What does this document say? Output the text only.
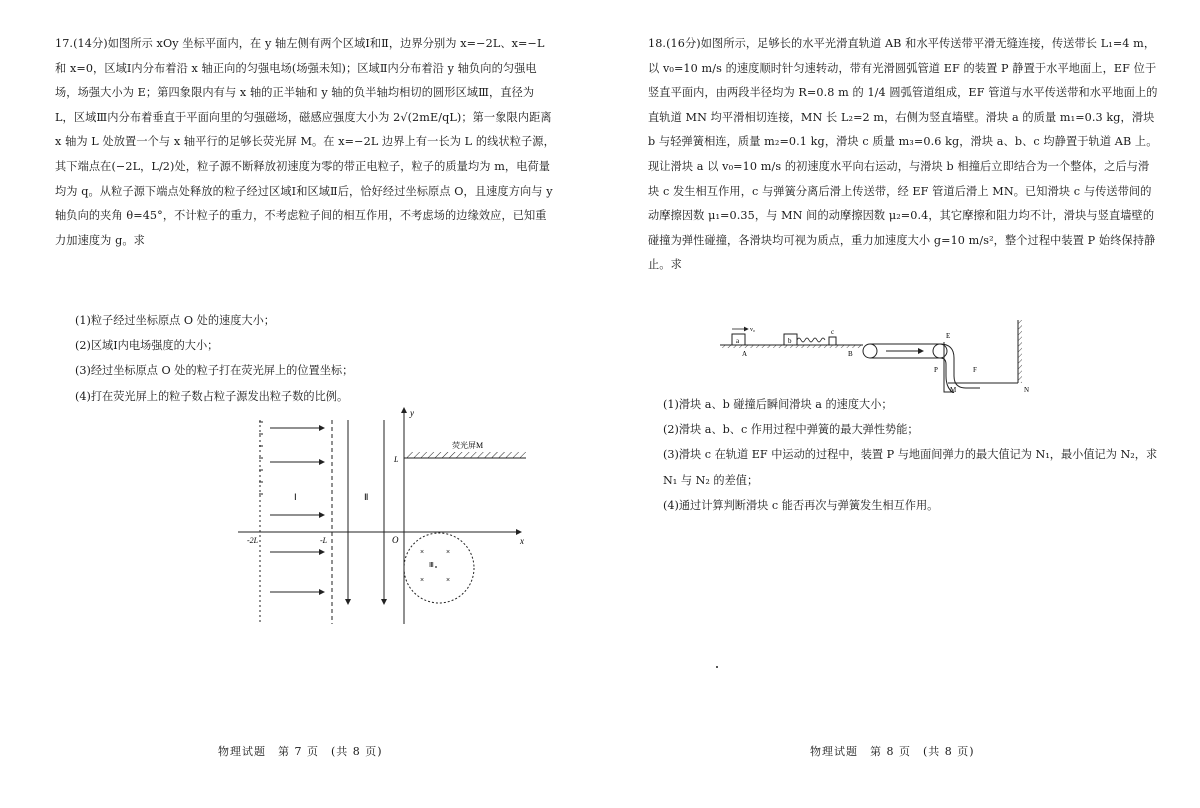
17.(14分)如图所示 xOy 坐标平面内，在 y 轴左侧有两个区域Ⅰ和Ⅱ，边界分别为 x=−2L、x=−L 和 x=0，区域Ⅰ内分布着沿 x 轴正向的匀强电场(场强未知)；区域Ⅱ内分布着沿 y 轴负向的匀强电场，场强大小为 E；第四象限内有与 x 轴的正半轴和 y 轴的负半轴均相切的圆形区域Ⅲ，直径为 L，区域Ⅲ内分布着垂直于平面向里的匀强磁场，磁感应强度大小为 2√(2mE/qL)；第一象限内距离 x 轴为 L 处放置一个与 x 轴平行的足够长荧光屏 M。在 x=−2L 边界上有一长为 L 的线状粒子源，其下端点在(−2L，L/2)处，粒子源不断释放初速度为零的带正电粒子，粒子的质量均为 m，电荷量均为 q。从粒子源下端点处释放的粒子经过区域Ⅰ和区域Ⅱ后，恰好经过坐标原点 O，且速度方向与 y 轴负向的夹角 θ=45°，不计粒子的重力，不考虑粒子间的相互作用，不考虑场的边缘效应，已知重力加速度为 g。求

(1)粒子经过坐标原点 O 处的速度大小；

(2)区域Ⅰ内电场强度的大小；

(3)经过坐标原点 O 处的粒子打在荧光屏上的位置坐标；

(4)打在荧光屏上的粒子数占粒子源发出粒子数的比例。

y
x
O
-2L	-L
L
Ⅰ	Ⅱ
荧光屏M
×	×
×	×
Ⅲ
物理试题　第 7 页　(共 8 页)

18.(16分)如图所示，足够长的水平光滑直轨道 AB 和水平传送带平滑无缝连接，传送带长 L₁=4 m，以 v₀=10 m/s 的速度顺时针匀速转动，带有光滑圆弧管道 EF 的装置 P 静置于水平地面上，EF 位于竖直平面内，由两段半径均为 R=0.8 m 的 1/4 圆弧管道组成，EF 管道与水平传送带和水平地面上的直轨道 MN 均平滑相切连接，MN 长 L₂=2 m，右侧为竖直墙壁。滑块 a 的质量 m₁=0.3 kg，滑块 b 与轻弹簧相连，质量 m₂=0.1 kg，滑块 c 质量 m₃=0.6 kg，滑块 a、b、c 均静置于轨道 AB 上。现让滑块 a 以 v₀=10 m/s 的初速度水平向右运动，与滑块 b 相撞后立即结合为一个整体，之后与滑块 c 发生相互作用，c 与弹簧分离后滑上传送带，经 EF 管道后滑上 MN。已知滑块 c 与传送带间的动摩擦因数 μ₁=0.35，与 MN 间的动摩擦因数 μ₂=0.4，其它摩擦和阻力均不计，滑块与竖直墙壁的碰撞为弹性碰撞，各滑块均可视为质点，重力加速度大小 g=10 m/s²，整个过程中装置 P 始终保持静止。求

a
v₀
A
b
c
B
E
P	F
M	N

(1)滑块 a、b 碰撞后瞬间滑块 a 的速度大小；

(2)滑块 a、b、c 作用过程中弹簧的最大弹性势能；

(3)滑块 c 在轨道 EF 中运动的过程中，装置 P 与地面间弹力的最大值记为 N₁，最小值记为 N₂，求 N₁ 与 N₂ 的差值；

(4)通过计算判断滑块 c 能否再次与弹簧发生相互作用。

物理试题　第 8 页　(共 8 页)
